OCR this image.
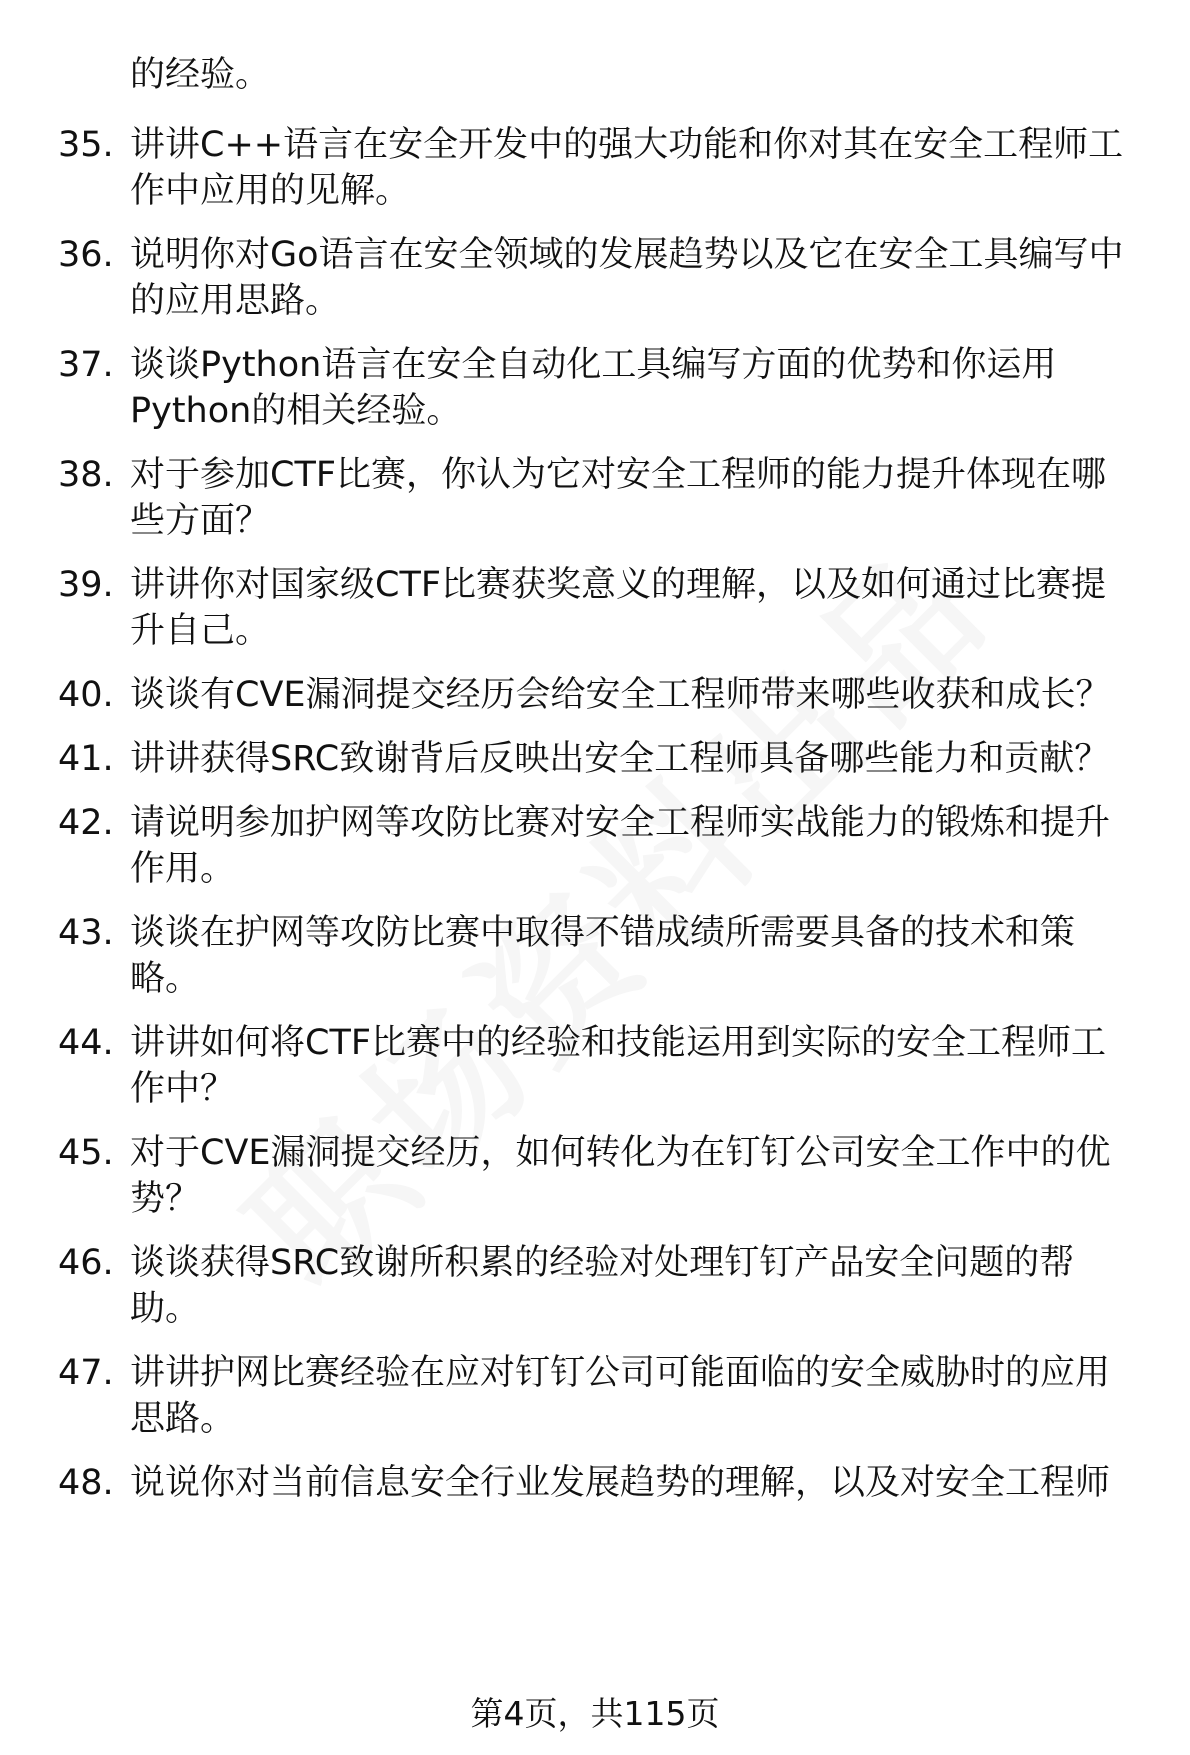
的经验。
35. 讲讲C++语言在安全开发中的强大功能和你对其在安全工程师工
作中应用的见解。
36. 说明你对Go语言在安全领域的发展趋势以及它在安全工具编写中
的应用思路。
37. 谈谈Python语言在安全自动化工具编写方面的优势和你运用
Python的相关经验。
38. 对于参加CTF比赛，你认为它对安全工程师的能力提升体现在哪
些方面？
39. 讲讲你对国家级CTF比赛获奖意义的理解，以及如何通过比赛提
升自己。
40. 谈谈有CVE漏洞提交经历会给安全工程师带来哪些收获和成长？
41. 讲讲获得SRC致谢背后反映出安全工程师具备哪些能力和贡献？
42. 请说明参加护网等攻防比赛对安全工程师实战能力的锻炼和提升
作用。
43. 谈谈在护网等攻防比赛中取得不错成绩所需要具备的技术和策
略。
44. 讲讲如何将CTF比赛中的经验和技能运用到实际的安全工程师工
作中？
45. 对于CVE漏洞提交经历，如何转化为在钉钉公司安全工作中的优
势？
46. 谈谈获得SRC致谢所积累的经验对处理钉钉产品安全问题的帮
助。
47. 讲讲护网比赛经验在应对钉钉公司可能面临的安全威胁时的应用
思路。
48. 说说你对当前信息安全行业发展趋势的理解，以及对安全工程师
第4页，共115页
